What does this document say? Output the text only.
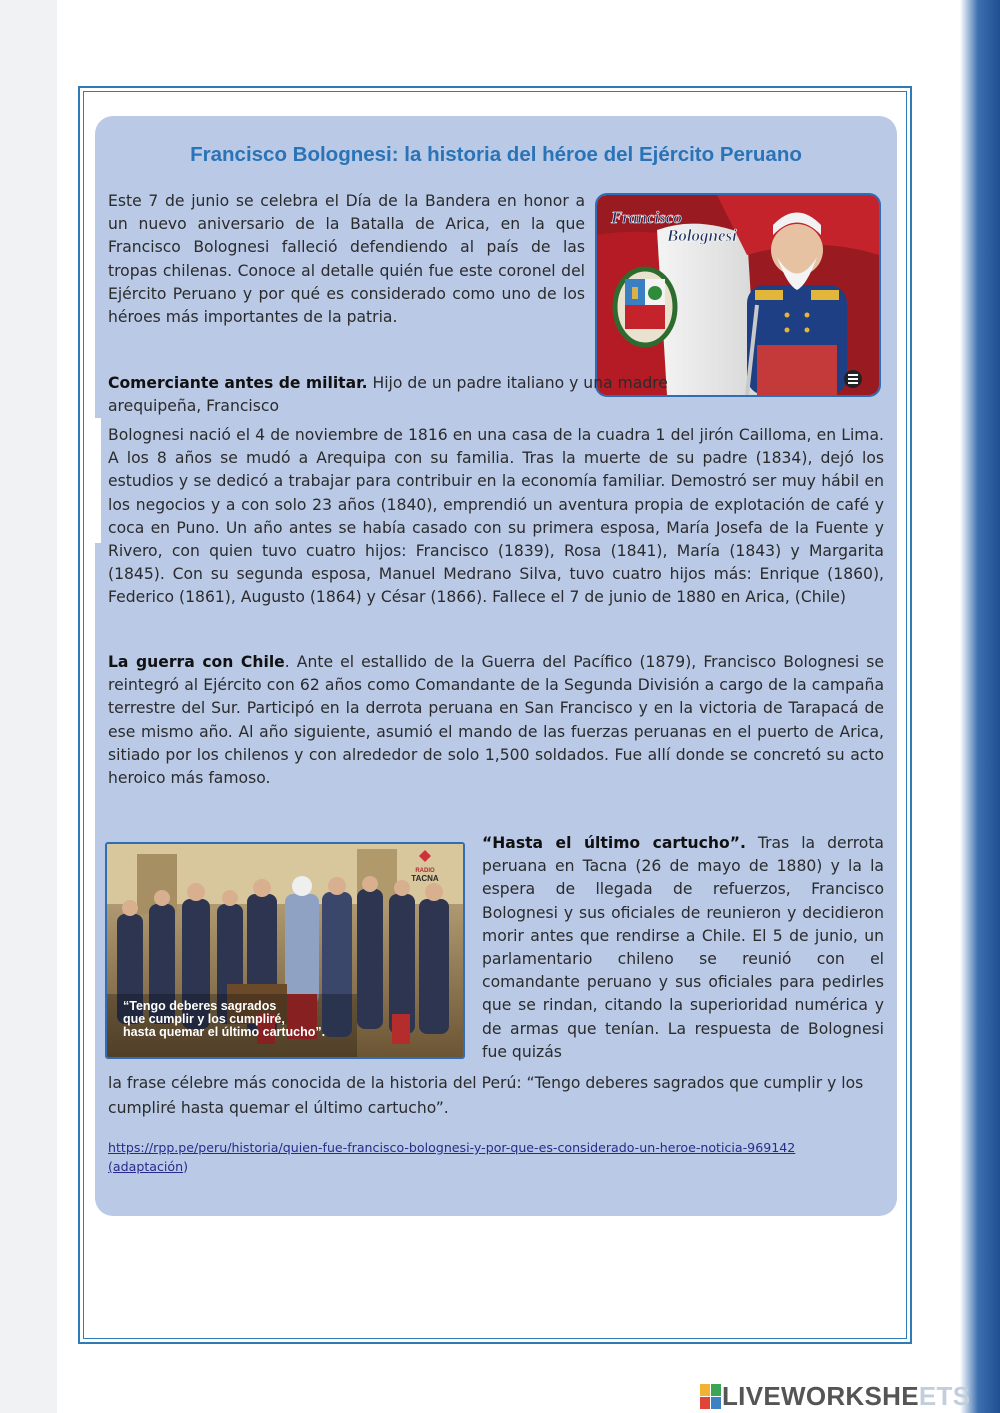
Francisco Bolognesi: la historia del héroe del Ejército Peruano

Este 7 de junio se celebra el Día de la Bandera en honor a un nuevo aniversario de la Batalla de Arica, en la que Francisco Bolognesi falleció defendiendo al país de las tropas chilenas. Conoce al detalle quién fue este coronel del Ejército Peruano y por qué es considerado como uno de los héroes más importantes de la patria.

Francisco
Bolognesi

Comerciante antes de militar. Hijo de un padre italiano y una madre arequipeña, Francisco

Bolognesi nació el 4 de noviembre de 1816 en una casa de la cuadra 1 del jirón Cailloma, en Lima. A los 8 años se mudó a Arequipa con su familia. Tras la muerte de su padre (1834), dejó los estudios y se dedicó a trabajar para contribuir en la economía familiar. Demostró ser muy hábil en los negocios y a con solo 23 años (1840), emprendió un aventura propia de explotación de café y coca en Puno. Un año antes se había casado con su primera esposa, María Josefa de la Fuente y Rivero, con quien tuvo cuatro hijos: Francisco (1839), Rosa (1841), María (1843) y Margarita (1845). Con su segunda esposa, Manuel Medrano Silva, tuvo cuatro hijos más: Enrique (1860), Federico (1861), Augusto (1864) y César (1866). Fallece el 7 de junio de 1880 en Arica, (Chile)

La guerra con Chile. Ante el estallido de la Guerra del Pacífico (1879), Francisco Bolognesi se reintegró al Ejército con 62 años como Comandante de la Segunda División a cargo de la campaña terrestre del Sur. Participó en la derrota peruana en San Francisco y en la victoria de Tarapacá de ese mismo año. Al año siguiente, asumió el mando de las fuerzas peruanas en el puerto de Arica, sitiado por los chilenos y con alrededor de solo 1,500 soldados. Fue allí donde se concretó su acto heroico más famoso.

RADIO
TACNA
“Tengo deberes sagrados
que cumplir y los cumpliré,
hasta quemar el último cartucho”.

“Hasta el último cartucho”. Tras la derrota peruana en Tacna (26 de mayo de 1880) y la la espera de llegada de refuerzos, Francisco Bolognesi y sus oficiales de reunieron y decidieron morir antes que rendirse a Chile. El 5 de junio, un parlamentario chileno se reunió con el comandante peruano y sus oficiales para pedirles que se rindan, citando la superioridad numérica y de armas que tenían. La respuesta de Bolognesi fue quizás

la frase célebre más conocida de la historia del Perú: “Tengo deberes sagrados que cumplir y los cumpliré hasta quemar el último cartucho”.

https://rpp.pe/peru/historia/quien-fue-francisco-bolognesi-y-por-que-es-considerado-un-heroe-noticia-969142
(adaptación)

LIVEWORKSHEETS
